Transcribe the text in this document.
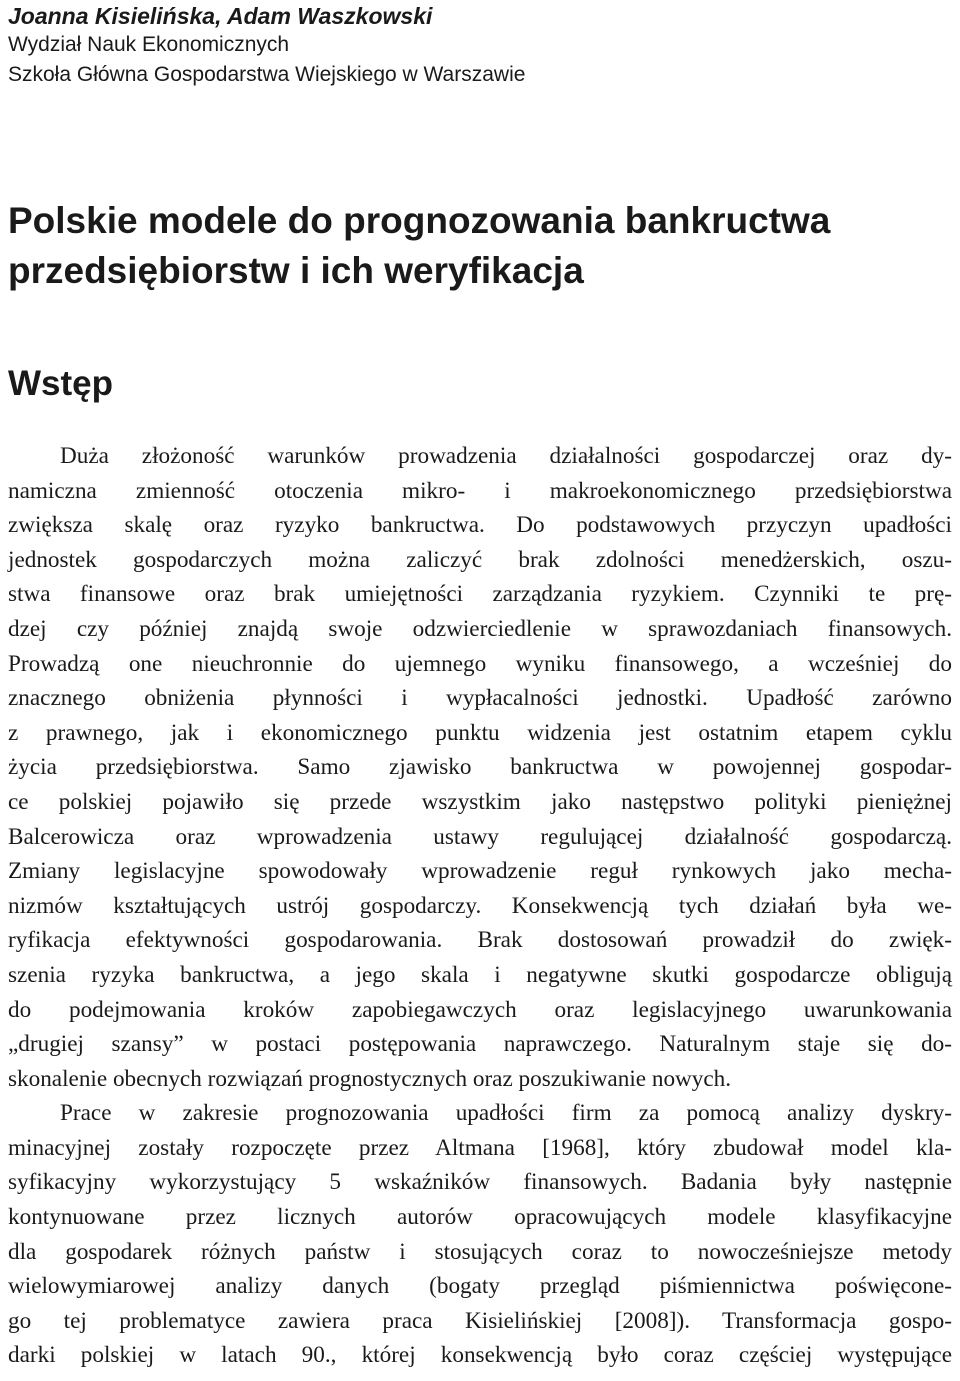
Joanna Kisielińska, Adam Waszkowski
Wydział Nauk Ekonomicznych
Szkoła Główna Gospodarstwa Wiejskiego w Warszawie
Polskie modele do prognozowania bankructwa
przedsiębiorstw i ich weryfikacja
Wstęp

Duża złożoność warunków prowadzenia działalności gospodarczej oraz dy-
namiczna zmienność otoczenia mikro- i makroekonomicznego przedsiębiorstwa
zwiększa skalę oraz ryzyko bankructwa. Do podstawowych przyczyn upadłości
jednostek gospodarczych można zaliczyć brak zdolności menedżerskich, oszu-
stwa finansowe oraz brak umiejętności zarządzania ryzykiem. Czynniki te prę-
dzej czy później znajdą swoje odzwierciedlenie w sprawozdaniach finansowych.
Prowadzą one nieuchronnie do ujemnego wyniku finansowego, a wcześniej do
znacznego obniżenia płynności i wypłacalności jednostki. Upadłość zarówno
z prawnego, jak i ekonomicznego punktu widzenia jest ostatnim etapem cyklu
życia przedsiębiorstwa. Samo zjawisko bankructwa w powojennej gospodar-
ce polskiej pojawiło się przede wszystkim jako następstwo polityki pieniężnej
Balcerowicza oraz wprowadzenia ustawy regulującej działalność gospodarczą.
Zmiany legislacyjne spowodowały wprowadzenie reguł rynkowych jako mecha-
nizmów kształtujących ustrój gospodarczy. Konsekwencją tych działań była we-
ryfikacja efektywności gospodarowania. Brak dostosowań prowadził do zwięk-
szenia ryzyka bankructwa, a jego skala i negatywne skutki gospodarcze obligują
do podejmowania kroków zapobiegawczych oraz legislacyjnego uwarunkowania
„drugiej szansy” w postaci postępowania naprawczego. Naturalnym staje się do-
skonalenie obecnych rozwiązań prognostycznych oraz poszukiwanie nowych.

Prace w zakresie prognozowania upadłości firm za pomocą analizy dyskry-
minacyjnej zostały rozpoczęte przez Altmana [1968], który zbudował model kla-
syfikacyjny wykorzystujący 5 wskaźników finansowych. Badania były następnie
kontynuowane przez licznych autorów opracowujących modele klasyfikacyjne
dla gospodarek różnych państw i stosujących coraz to nowocześniejsze metody
wielowymiarowej analizy danych (bogaty przegląd piśmiennictwa poświęcone-
go tej problematyce zawiera praca Kisielińskiej [2008]). Transformacja gospo-
darki polskiej w latach 90., której konsekwencją było coraz częściej występujące
